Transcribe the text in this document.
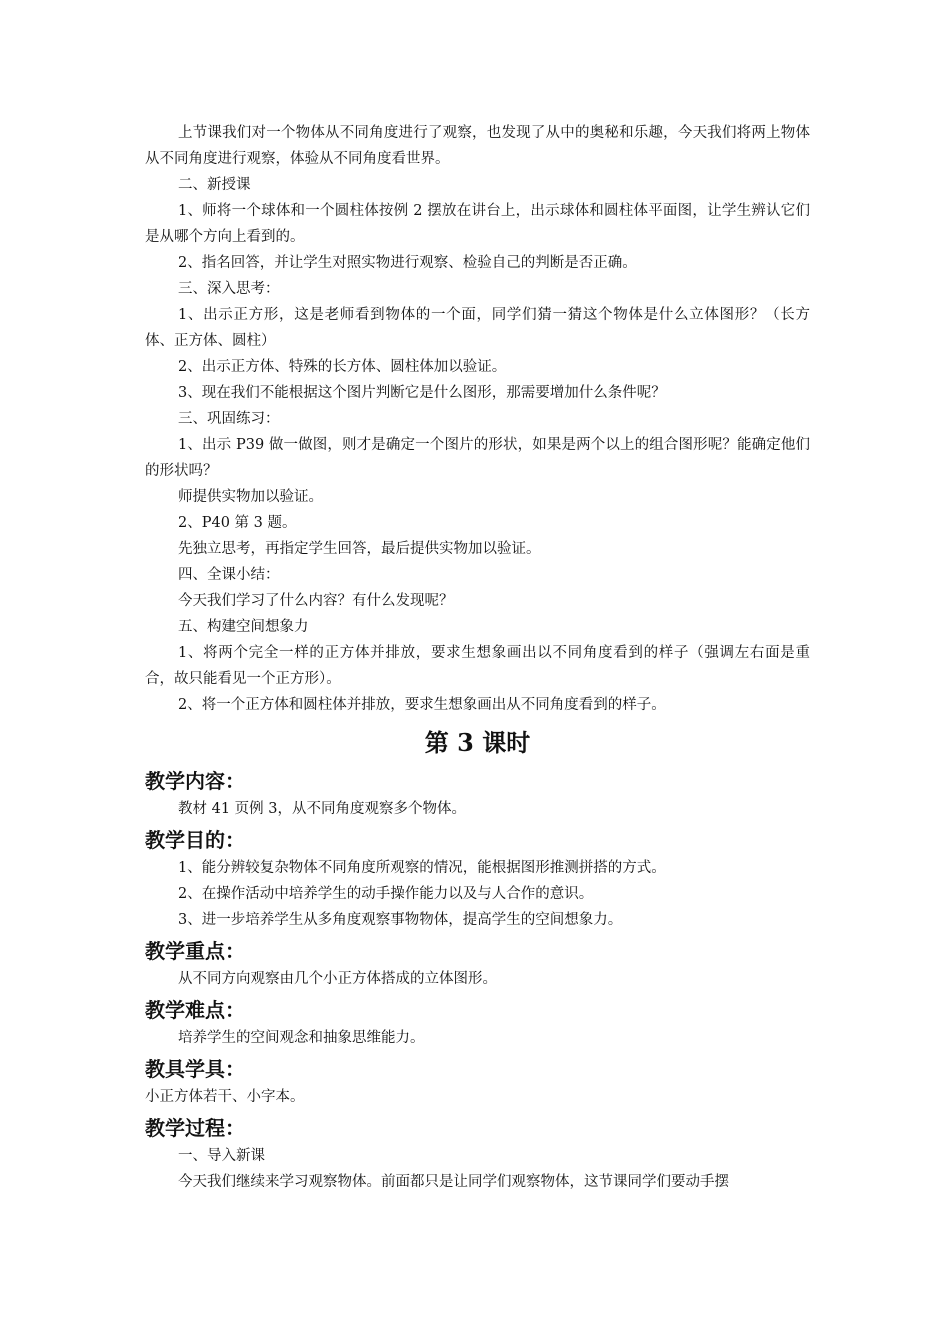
上节课我们对一个物体从不同角度进行了观察，也发现了从中的奥秘和乐趣，今天我们将两上物体从不同角度进行观察，体验从不同角度看世界。

二、新授课

1、师将一个球体和一个圆柱体按例 2 摆放在讲台上，出示球体和圆柱体平面图，让学生辨认它们是从哪个方向上看到的。

2、指名回答，并让学生对照实物进行观察、检验自己的判断是否正确。

三、深入思考：

1、出示正方形，这是老师看到物体的一个面，同学们猜一猜这个物体是什么立体图形？（长方体、正方体、圆柱）

2、出示正方体、特殊的长方体、圆柱体加以验证。

3、现在我们不能根据这个图片判断它是什么图形，那需要增加什么条件呢？

三、巩固练习：

1、出示 P39 做一做图，则才是确定一个图片的形状，如果是两个以上的组合图形呢？能确定他们的形状吗？

师提供实物加以验证。

2、P40 第 3 题。

先独立思考，再指定学生回答，最后提供实物加以验证。

四、全课小结：

今天我们学习了什么内容？有什么发现呢？

五、构建空间想象力

1、将两个完全一样的正方体并排放，要求生想象画出以不同角度看到的样子（强调左右面是重合，故只能看见一个正方形）。

2、将一个正方体和圆柱体并排放，要求生想象画出从不同角度看到的样子。

第 3 课时
教学内容：

教材 41 页例 3，从不同角度观察多个物体。

教学目的：

1、能分辨较复杂物体不同角度所观察的情况，能根据图形推测拼搭的方式。

2、在操作活动中培养学生的动手操作能力以及与人合作的意识。

3、进一步培养学生从多角度观察事物物体，提高学生的空间想象力。

教学重点：

从不同方向观察由几个小正方体搭成的立体图形。

教学难点：

培养学生的空间观念和抽象思维能力。

教具学具：

小正方体若干、小字本。

教学过程：

一、导入新课

今天我们继续来学习观察物体。前面都只是让同学们观察物体，这节课同学们要动手摆
